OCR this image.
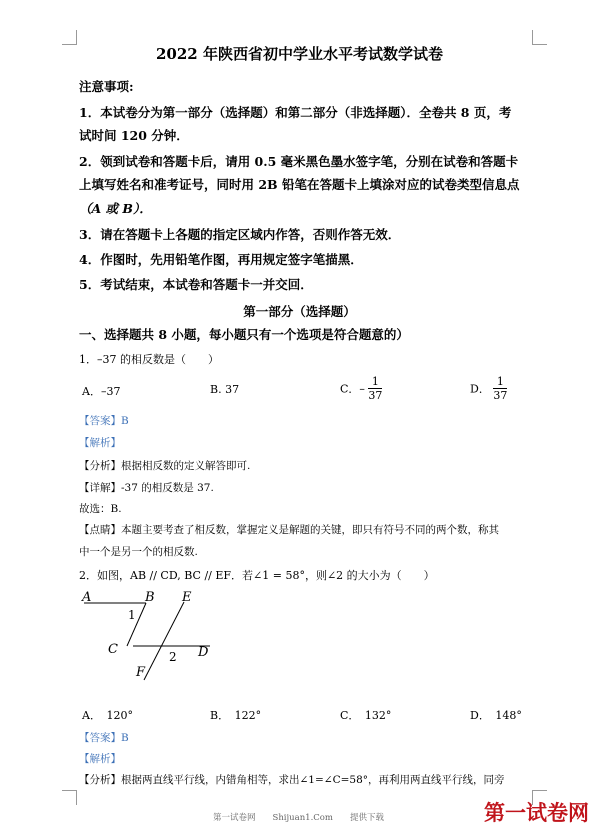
2022 年陕西省初中学业水平考试数学试卷
注意事项:
1．本试卷分为第一部分（选择题）和第二部分（非选择题）．全卷共 8 页，考
试时间 120 分钟．
2．领到试卷和答题卡后，请用 0.5 毫米黑色墨水签字笔，分别在试卷和答题卡
上填写姓名和准考证号，同时用 2B 铅笔在答题卡上填涂对应的试卷类型信息点
（A 或 B）．
3．请在答题卡上各题的指定区域内作答，否则作答无效．
4．作图时，先用铅笔作图，再用规定签字笔描黑．
5．考试结束，本试卷和答题卡一并交回．
第一部分（选择题）
一、选择题共 8 小题，每小题只有一个选项是符合题意的）
1．–37 的相反数是（　　）
A．–37	B. 37	C．– $\frac{1}{37}$	D． $\frac{1}{37}$
【答案】B
【解析】
【分析】根据相反数的定义解答即可.
【详解】-37 的相反数是 37.
故选：B.
【点睛】本题主要考查了相反数，掌握定义是解题的关键，即只有符号不同的两个数，称其
中一个是另一个的相反数.
2．如图，AB // CD, BC // EF．若∠1 = 58°，则∠2 的大小为（　　）
A	B E
1
C	2 D
F
A．　120°	B．　122°	C．　132°	D．　148°
【答案】B
【解析】
【分析】根据两直线平行线，内错角相等，求出∠1=∠C=58°，再利用两直线平行线，同旁
第一试卷网　　Shijuan1.Com　　提供下载	第一试卷网
